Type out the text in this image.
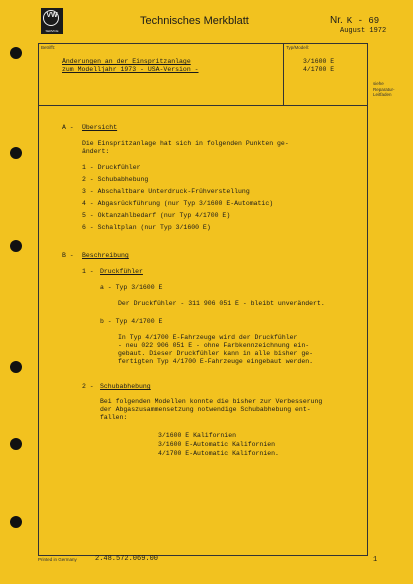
VW
SERVICE
Technisches Merkblatt	Nr. K - 69
August 1972
Betrifft:
Änderungen an der Einspritzanlage
zum Modelljahr 1973 - USA-Version -
Typ/Modell:
3/1600 E
4/1700 E
siehe
Reparatur-
Leitfaden
A - Übersicht
Die Einspritzanlage hat sich in folgenden Punkten ge-
ändert:
1 - Druckfühler
2 - Schubabhebung
3 - Abschaltbare Unterdruck-Frühverstellung
4 - Abgasrückführung (nur Typ 3/1600 E-Automatic)
5 - Oktanzahlbedarf (nur Typ 4/1700 E)
6 - Schaltplan (nur Typ 3/1600 E)
B - Beschreibung
1 - Druckfühler
a - Typ 3/1600 E
Der Druckfühler - 311 906 051 E - bleibt unverändert.
b - Typ 4/1700 E
In Typ 4/1700 E-Fahrzeuge wird der Druckfühler
- neu 022 906 051 E - ohne Farbkennzeichnung ein-
gebaut. Dieser Druckfühler kann in alle bisher ge-
fertigten Typ 4/1700 E-Fahrzeuge eingebaut werden.
2 - Schubabhebung
Bei folgenden Modellen konnte die bisher zur Verbesserung
der Abgaszusammensetzung notwendige Schubabhebung ent-
fallen:
3/1600 E Kalifornien
3/1600 E-Automatic Kalifornien
4/1700 E-Automatic Kalifornien.
Printed in Germany	2.48.572.069.00	1
